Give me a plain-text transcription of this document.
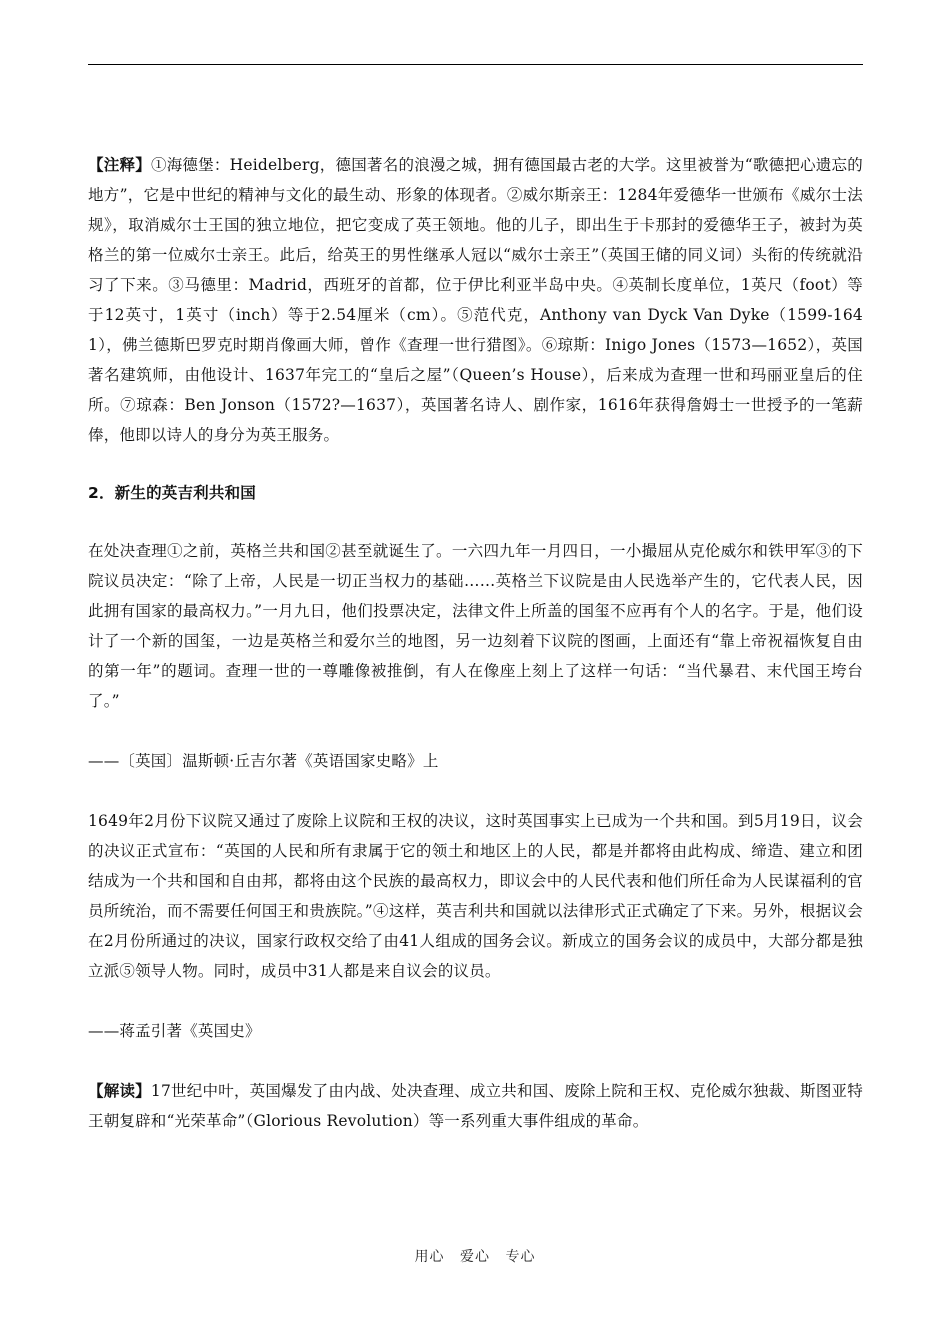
【注释】①海德堡：Heidelberg，德国著名的浪漫之城，拥有德国最古老的大学。这里被誉为“歌德把心遗忘的地方”，它是中世纪的精神与文化的最生动、形象的体现者。②威尔斯亲王：1284年爱德华一世颁布《威尔士法规》，取消威尔士王国的独立地位，把它变成了英王领地。他的儿子，即出生于卡那封的爱德华王子，被封为英格兰的第一位威尔士亲王。此后，给英王的男性继承人冠以“威尔士亲王”（英国王储的同义词）头衔的传统就沿习了下来。③马德里：Madrid，西班牙的首都，位于伊比利亚半岛中央。④英制长度单位，1英尺（foot）等于12英寸，1英寸（inch）等于2.54厘米（cm）。⑤范代克，Anthony van Dyck Van Dyke（1599-1641），佛兰德斯巴罗克时期肖像画大师，曾作《查理一世行猎图》。⑥琼斯：Inigo Jones（1573—1652），英国著名建筑师，由他设计、1637年完工的“皇后之屋”（Queen’s House），后来成为查理一世和玛丽亚皇后的住所。⑦琼森：Ben Jonson（1572?—1637），英国著名诗人、剧作家，1616年获得詹姆士一世授予的一笔薪俸，他即以诗人的身分为英王服务。

2．新生的英吉利共和国

在处决查理①之前，英格兰共和国②甚至就诞生了。一六四九年一月四日，一小撮屈从克伦威尔和铁甲军③的下院议员决定：“除了上帝，人民是一切正当权力的基础……英格兰下议院是由人民选举产生的，它代表人民，因此拥有国家的最高权力。”一月九日，他们投票决定，法律文件上所盖的国玺不应再有个人的名字。于是，他们设计了一个新的国玺，一边是英格兰和爱尔兰的地图，另一边刻着下议院的图画，上面还有“靠上帝祝福恢复自由的第一年”的题词。查理一世的一尊雕像被推倒，有人在像座上刻上了这样一句话：“当代暴君、末代国王垮台了。”

——〔英国〕温斯顿·丘吉尔著《英语国家史略》上

1649年2月份下议院又通过了废除上议院和王权的决议，这时英国事实上已成为一个共和国。到5月19日，议会的决议正式宣布：“英国的人民和所有隶属于它的领土和地区上的人民，都是并都将由此构成、缔造、建立和团结成为一个共和国和自由邦，都将由这个民族的最高权力，即议会中的人民代表和他们所任命为人民谋福利的官员所统治，而不需要任何国王和贵族院。”④这样，英吉利共和国就以法律形式正式确定了下来。另外，根据议会在2月份所通过的决议，国家行政权交给了由41人组成的国务会议。新成立的国务会议的成员中，大部分都是独立派⑤领导人物。同时，成员中31人都是来自议会的议员。

——蒋孟引著《英国史》

【解读】17世纪中叶，英国爆发了由内战、处决查理、成立共和国、废除上院和王权、克伦威尔独裁、斯图亚特王朝复辟和“光荣革命”（Glorious Revolution）等一系列重大事件组成的革命。

用心 爱心 专心
